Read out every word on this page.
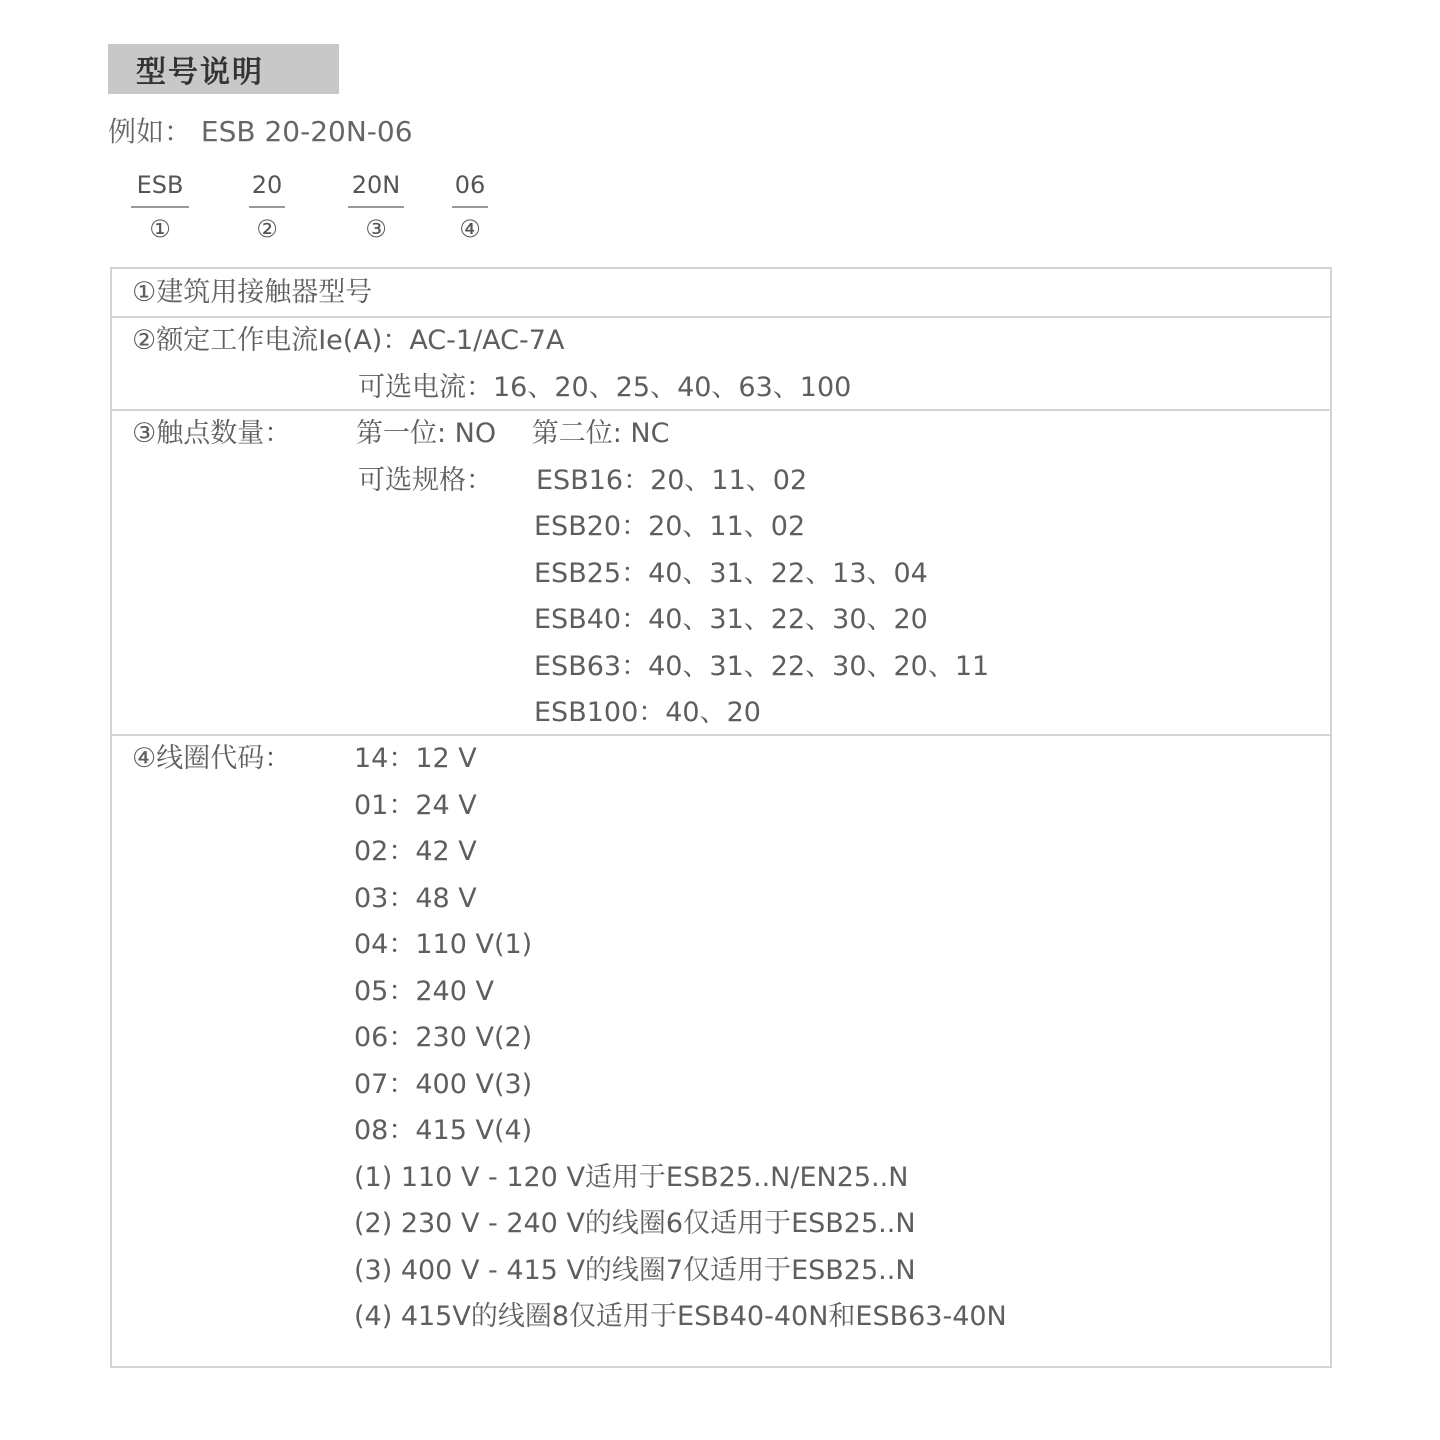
型号说明
例如： ESB 20-20N-06
ESB
①
20
②
20N
③
06
④
①建筑用接触器型号
②额定工作电流Ie(A)：AC-1/AC-7A
可选电流：16、20、25、40、63、100
③触点数量： 第一位: NO　 第二位: NC
可选规格： ESB16：20、11、02
ESB20：20、11、02
ESB25：40、31、22、13、04
ESB40：40、31、22、30、20
ESB63：40、31、22、30、20、11
ESB100：40、20
④线圈代码： 14：12 V
01：24 V
02：42 V
03：48 V
04：110 V(1)
05：240 V
06：230 V(2)
07：400 V(3)
08：415 V(4)
(1) 110 V - 120 V适用于ESB25..N/EN25..N
(2) 230 V - 240 V的线圈6仅适用于ESB25..N
(3) 400 V - 415 V的线圈7仅适用于ESB25..N
(4) 415V的线圈8仅适用于ESB40-40N和ESB63-40N
